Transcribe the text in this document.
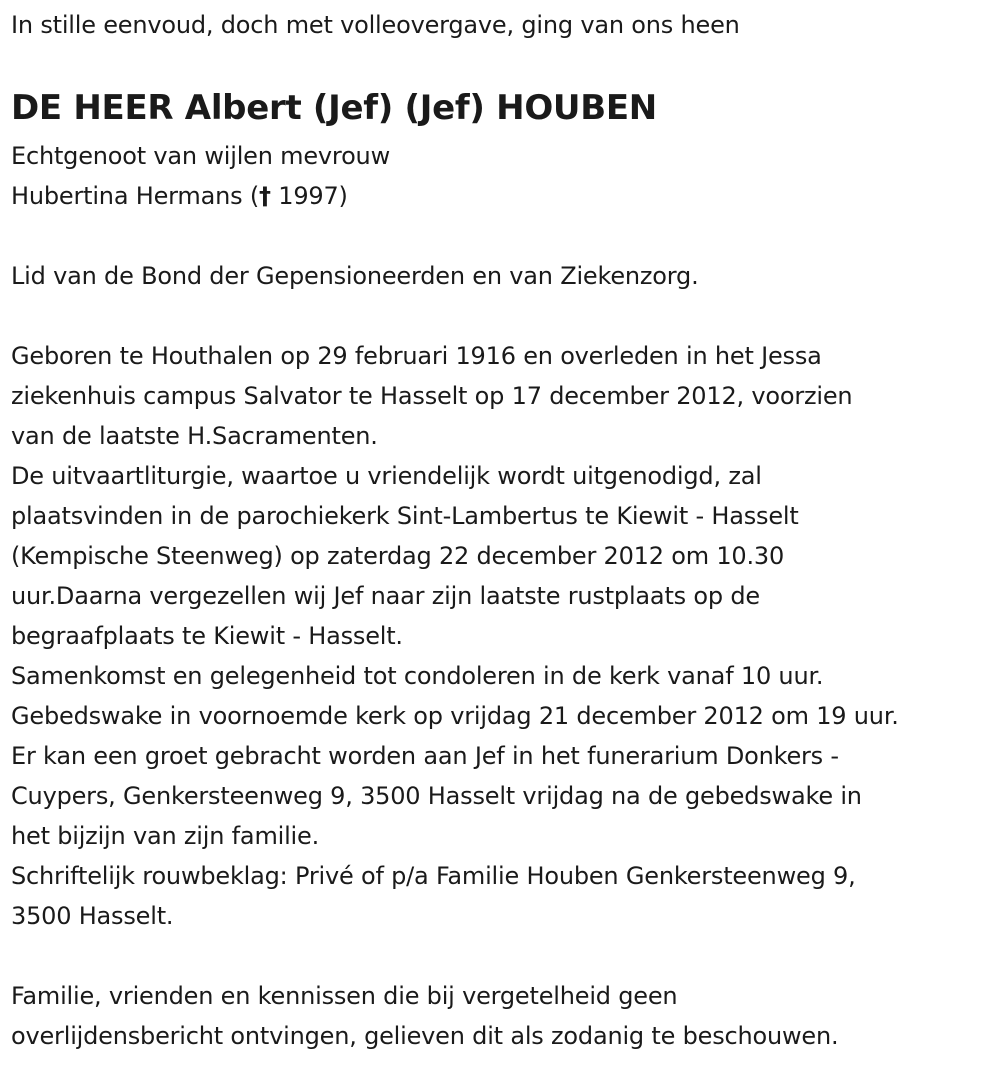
In stille eenvoud, doch met volleovergave, ging van ons heen
DE HEER Albert (Jef) (Jef) HOUBEN
Echtgenoot van wijlen mevrouw
Hubertina Hermans († 1997)
Lid van de Bond der Gepensioneerden en van Ziekenzorg.
Geboren te Houthalen op 29 februari 1916 en overleden in het Jessa
ziekenhuis campus Salvator te Hasselt op 17 december 2012, voorzien
van de laatste H.Sacramenten.
De uitvaartliturgie, waartoe u vriendelijk wordt uitgenodigd, zal
plaatsvinden in de parochiekerk Sint-Lambertus te Kiewit - Hasselt
(Kempische Steenweg) op zaterdag 22 december 2012 om 10.30
uur.Daarna vergezellen wij Jef naar zijn laatste rustplaats op de
begraafplaats te Kiewit - Hasselt.
Samenkomst en gelegenheid tot condoleren in de kerk vanaf 10 uur.
Gebedswake in voornoemde kerk op vrijdag 21 december 2012 om 19 uur.
Er kan een groet gebracht worden aan Jef in het funerarium Donkers -
Cuypers, Genkersteenweg 9, 3500 Hasselt vrijdag na de gebedswake in
het bijzijn van zijn familie.
Schriftelijk rouwbeklag: Privé of p/a Familie Houben Genkersteenweg 9,
3500 Hasselt.
Familie, vrienden en kennissen die bij vergetelheid geen
overlijdensbericht ontvingen, gelieven dit als zodanig te beschouwen.
